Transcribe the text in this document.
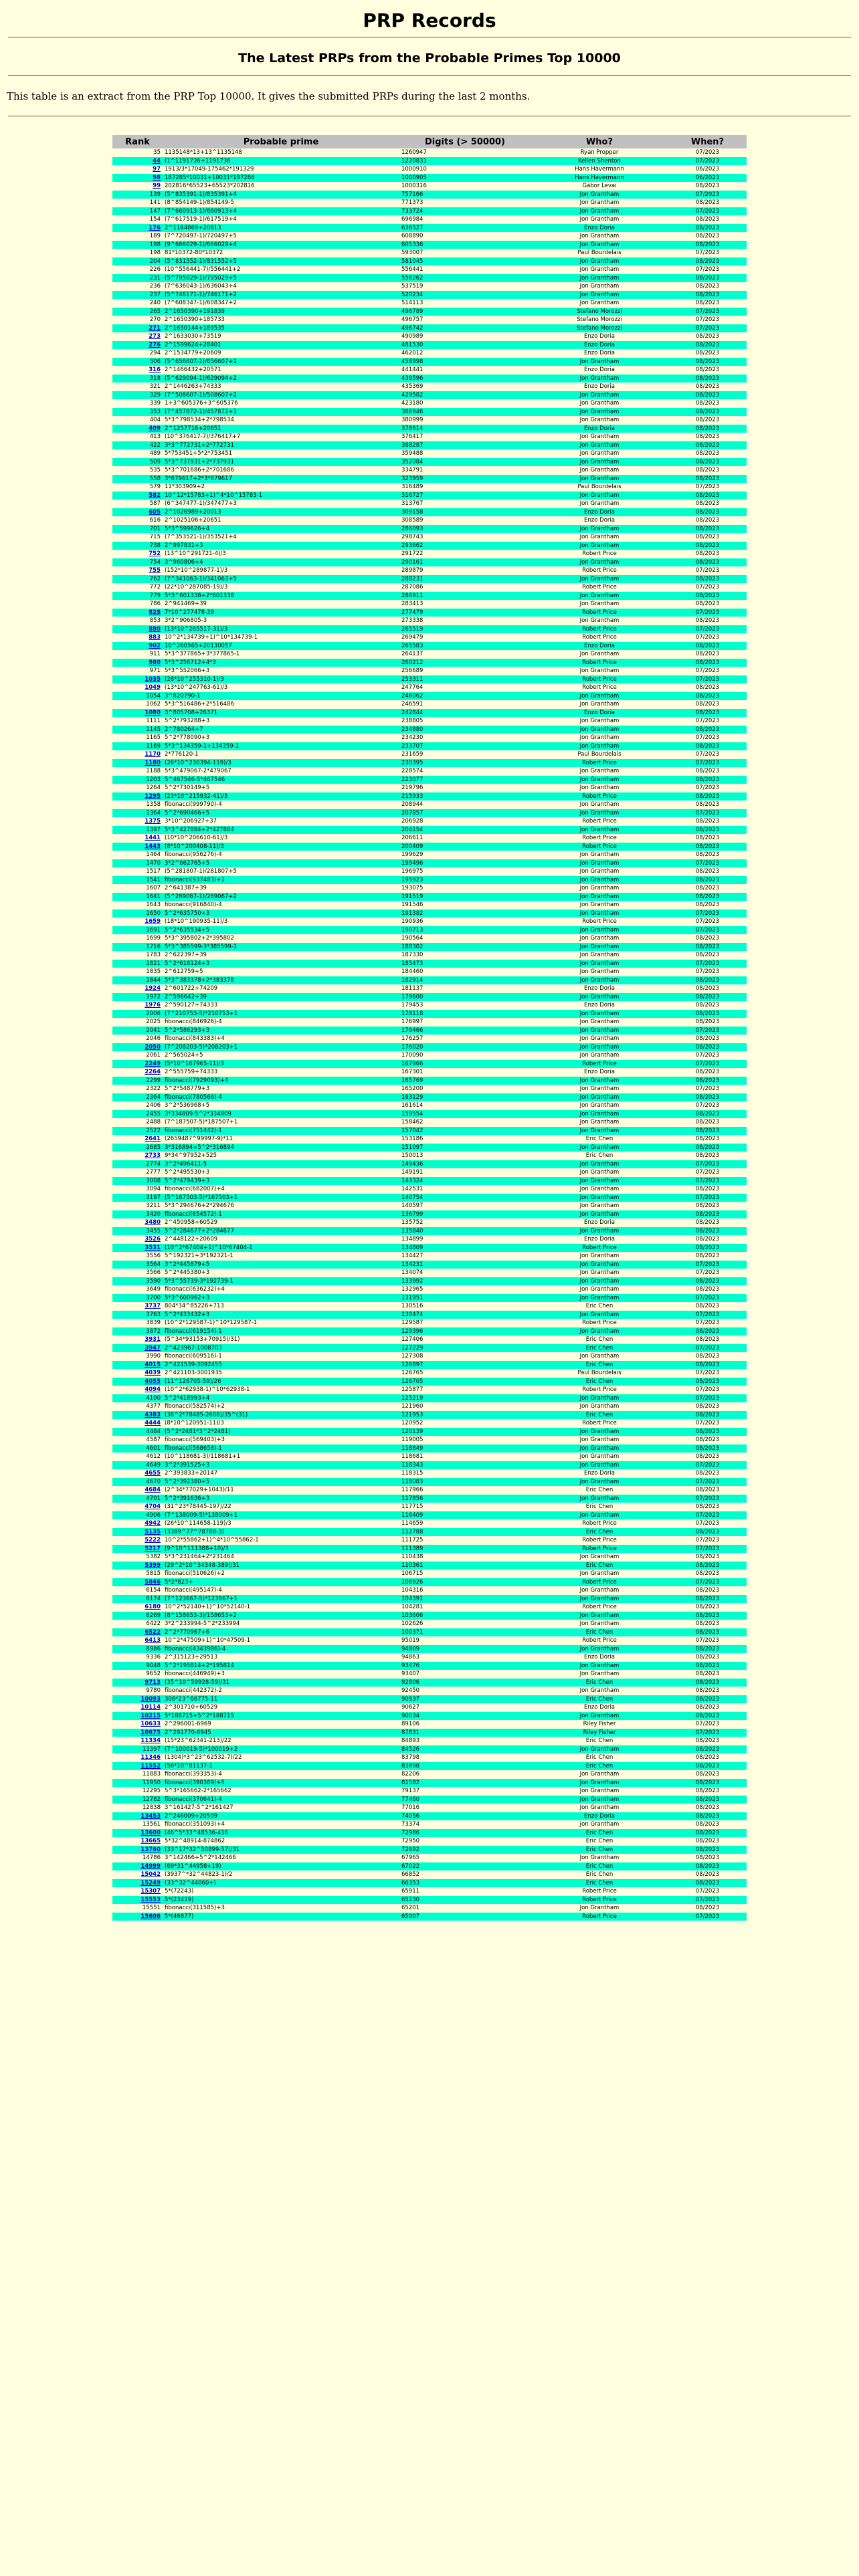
PRP Records
The Latest PRPs from the Probable Primes Top 10000
This table is an extract from the PRP Top 10000. It gives the submitted PRPs during the last 2 months.
Rank	Probable prime	Digits (> 50000)	Who?	When?
35	1135148*13+13^1135148	1260947	Ryan Propper	07/2023
44	(1^1191736+1191736	1220831	Kellen Shenton	07/2023
97	1913/3*17049-175462*191329	1000910	Hans Havermann	06/2023
98	187285*10031+10031*187286	1000905	Hans Havermann	06/2023
99	202816*65523+65523*202816	1000316	Gábor Levai	08/2023
139	(5^835391-1)/835391+4	757166	Jon Grantham	07/2023
141	(8^854149-1)/854149-5	771373	Jon Grantham	08/2023
147	(7^660913-1)/660913+4	733724	Jon Grantham	07/2023
154	(7^617519-1)/617519+4	696984	Jon Grantham	08/2023
176	2^1164869+20813	636527	Enzo Doria	08/2023
189	(7^720497-1)/720497+5	608890	Jon Grantham	08/2023
198	(9^666029-1)/666029+4	605336	Jon Grantham	08/2023
198	81*10372-80*10372	593007	Paul Bourdelais	07/2023
204	(5^831552-1)/831552+5	581045	Jon Grantham	08/2023
226	(10^556441-7)/556441+2	556441	Jon Grantham	07/2023
231	(5^795029-1)/795029+5	556262	Jon Grantham	08/2023
236	(7^636043-1)/636043+4	537519	Jon Grantham	08/2023
237	(5^746171-1)/746171+2	520234	Jon Grantham	08/2023
240	(7^608347-1)/608347+2	514113	Jon Grantham	08/2023
265	2^1650390+191839	496789	Stefano Morozzi	07/2023
270	2^1650390+185733	496757	Stefano Morozzi	07/2023
271	2^1650144+189535	496742	Stefano Morozzi	07/2023
273	2^1633030+73519	490989	Enzo Doria	08/2023
276	2^1599624+28401	481530	Enzo Doria	08/2023
294	2^1534779+20609	462012	Enzo Doria	08/2023
306	(5^656607-1)/656607+1	458998	Jon Grantham	08/2023
316	2^1466432+20571	441441	Enzo Doria	08/2023
318	(5^629094-1)/629094+2	439596	Jon Grantham	08/2023
321	2^1446263+74333	435369	Enzo Doria	08/2023
329	(7^508607-1)/508607+2	429582	Jon Grantham	08/2023
339	1+3^605376+3^605376	423180	Jon Grantham	08/2023
353	(7^457872-1)/457872+1	386946	Jon Grantham	08/2023
404	5*3^798534+2*798534	380999	Jon Grantham	08/2023
409	2^1257716+20651	378614	Enzo Doria	08/2023
413	(10^376417-7)/376417+7	376417	Jon Grantham	08/2023
422	3*3^772731+2*772731	368287	Jon Grantham	08/2023
489	5*753451+5*2*753451	359488	Jon Grantham	08/2023
509	5*3^737931+2*737931	352084	Jon Grantham	08/2023
535	5*3^701686+2*701686	334791	Jon Grantham	08/2023
558	3*679617+2*3*679617	323959	Jon Grantham	08/2023
579	11*303909+2	316489	Paul Bourdelais	07/2023
582	10^12*15783+1)^4*10^15783-1	316727	Jon Grantham	08/2023
587	(6^347477-1)/347477+3	313767	Jon Grantham	08/2023
605	2^1026989+20013	309158	Enzo Doria	08/2023
616	2^1025106+20651	308589	Enzo Doria	08/2023
701	5*3^599626+4	286093	Jon Grantham	08/2023
715	(7^353521-1)/353521+4	298743	Jon Grantham	08/2023
738	2^997831+3	293662	Jon Grantham	08/2023
752	(13^10^291721-4)/3	291722	Robert Price	08/2023
754	3^960806+4	290161	Jon Grantham	08/2023
755	(152*10^289877-1)/3	289879	Robert Price	07/2023
762	(7^341063-1)/341063+5	288231	Jon Grantham	08/2023
772	(22*10^287085-19)/3	287086	Robert Price	07/2023
779	5*3^601338+2*601338	286911	Jon Grantham	08/2023
786	2^941469+39	283413	Jon Grantham	08/2023
828	7*10^277478-39	277479	Robert Price	07/2023
853	3*2^906805-3	273338	Jon Grantham	08/2023
880	(13*10^265517-31)/3	265519	Robert Price	07/2023
883	10^2*134739+1)^10*134739-1	269479	Robert Price	07/2023
902	10^260565+20130057	265583	Enzo Doria	08/2023
911	5*3^377865+3*377865-1	264137	Jon Grantham	08/2023
960	5*3^256712+4*3	260212	Robert Price	08/2023
971	5*3^552066+3	256689	Jon Grantham	07/2023
1035	(28*10^255310-1)/3	253311	Robert Price	07/2023
1049	(13*10^247763-61)/3	247764	Robert Price	08/2023
1054	3^820790-1	246062	Jon Grantham	08/2023
1062	5*3^516486+2*516486	246591	Jon Grantham	08/2023
1080	3^805708+26371	242844	Enzo Doria	08/2023
1111	5^2*793288+3	238805	Jon Grantham	07/2023
1145	2^780264+7	234880	Jon Grantham	08/2023
1165	5^2*778090+3	234230	Jon Grantham	07/2023
1169	5*3^134359-1+134359-1	233707	Jon Grantham	08/2023
1170	2*776120-1	231659	Paul Bourdelais	07/2023
1180	(26*10^230394-119)/3	230395	Robert Price	07/2023
1188	5*3^479067-2*479067	228574	Jon Grantham	08/2023
1203	5^467546-5*467546	223077	Jon Grantham	08/2023
1264	5^2*730149+5	219796	Jon Grantham	07/2023
1295	(23*10^215932-41)/3	215933	Robert Price	08/2023
1358	fibonacci(999790)-4	208944	Jon Grantham	08/2023
1364	5^2*690466+5	207857	Jon Grantham	07/2023
1375	3*10^206927+37	206928	Robert Price	08/2023
1397	5*3^427884+2*427884	204154	Jon Grantham	08/2023
1441	(10*10^206610-61)/3	206611	Robert Price	08/2023
1443	(8*10^200408-11)/3	200409	Robert Price	08/2023
1464	fibonacci(956276)-4	199629	Jon Grantham	08/2023
1470	3*2^662765+5	199496	Jon Grantham	07/2023
1517	(5^281807-1)/281807+5	196975	Jon Grantham	08/2023
1541	fibonacci(937483)+1	195923	Jon Grantham	08/2023
1607	2^641387+39	193075	Jon Grantham	08/2023
1641	(5^269067-1)/269067+2	191519	Jon Grantham	08/2023
1643	fibonacci(916840)-4	191546	Jon Grantham	08/2023
1650	5^2*635750+3	191382	Jon Grantham	07/2023
1659	(18*10^190935-11)/3	190936	Robert Price	07/2023
1691	5^2*635534+5	190713	Jon Grantham	07/2023
1699	5*3^395802+2*395802	190564	Jon Grantham	08/2023
1716	5*3^385599-3*385599-1	188302	Jon Grantham	08/2023
1783	2^622397+39	187330	Jon Grantham	08/2023
1821	5^2*616124+3	185473	Jon Grantham	07/2023
1835	2^612759+5	184460	Jon Grantham	07/2023
1844	5*3^383378+2*383378	182914	Jon Grantham	08/2023
1924	2^601722+74209	181137	Enzo Doria	08/2023
1972	2^596642+39	179600	Jon Grantham	08/2023
1976	2^590127+74333	179453	Enzo Doria	08/2023
2006	(7^210753-5)*210753+1	178118	Jon Grantham	08/2023
2025	fibonacci(846926)-4	176997	Jon Grantham	08/2023
2041	5^2*586293+3	176466	Jon Grantham	07/2023
2046	fibonacci(843383)+4	176257	Jon Grantham	08/2023
2050	(7^208203-5)*208203+1	176020	Jon Grantham	08/2023
2061	2^565024+5	170090	Jon Grantham	07/2023
2249	(5*10^167965-11)/3	167966	Robert Price	07/2023
2264	2^555759+74333	167301	Enzo Doria	08/2023
2299	fibonacci(7929093)+4	165769	Jon Grantham	08/2023
2322	5^2*548779+3	165200	Jon Grantham	07/2023
2364	fibonacci(780566)-4	163129	Jon Grantham	08/2023
2406	3^2*536968+5	161614	Jon Grantham	07/2023
2455	3*334809-5^2*334809	159554	Jon Grantham	08/2023
2488	(7^187507-5)*187507+1	158462	Jon Grantham	08/2023
2522	fibonacci(751442)-1	157042	Jon Grantham	08/2023
2641	(2659487^99997-9)*11	153186	Eric Chen	08/2023
2685	3*316894+5^2*316894	151097	Jon Grantham	08/2023
2733	9*34^97952+525	150013	Eric Chen	08/2023
2774	3^2*496411-5	149436	Jon Grantham	07/2023
2777	5^2*495530+3	149191	Jon Grantham	07/2023
3008	5^2*479439+3	144324	Jon Grantham	07/2023
3094	fibonacci(682007)+4	142531	Jon Grantham	08/2023
3197	(5^167503-5)*167503+1	140754	Jon Grantham	07/2023
3211	5*3^294676+2*294676	140597	Jon Grantham	08/2023
3420	fibonacci(654572)-1	136799	Jon Grantham	08/2023
3480	2^450958+60529	135752	Enzo Doria	08/2023
3455	5^2*284677+2*284677	135840	Jon Grantham	08/2023
3526	2^448122+20609	134899	Enzo Doria	08/2023
3531	(10^2*67404+1)^10*67404-1	134809	Robert Price	08/2023
3556	5^192321+3*192321-1	134427	Jon Grantham	08/2023
3564	3^2*445879+5	134231	Jon Grantham	07/2023
3566	5^2*445380+3	134074	Jon Grantham	07/2023
3590	5*3^55739-3*192739-1	133992	Jon Grantham	08/2023
3649	fibonacci(636232)+4	132965	Jon Grantham	08/2023
3700	5*3^600962+3	131951	Jon Grantham	07/2023
3737	804*34^85226+713	130516	Eric Chen	08/2023
3763	5^2*433432+3	130474	Jon Grantham	07/2023
3839	(10^2*129587-1)^10*129587-1	129587	Robert Price	07/2023
3872	fibonacci(619154)-1	129396	Jon Grantham	08/2023
3931	(5^34*93153+70915)/31)	127406	Eric Chen	08/2023
3947	2^423967-1008703	127229	Eric Chen	07/2023
3990	fibonacci(609516)-1	127308	Jon Grantham	08/2023
4015	2^421539-3092455	126897	Eric Chen	08/2023
4039	2^421103-3001935	126765	Paul Bourdelais	07/2023
4055	(11^126705-59)/26	126705	Eric Chen	08/2023
4094	(10^2*62938-1)^10*62938-1	125877	Robert Price	07/2023
4100	5^2*418993+4	125219	Jon Grantham	07/2023
4377	fibonacci(582574)+2	121960	Jon Grantham	08/2023
4383	(36^2*78485-2606)/35^(31)	121953	Eric Chen	08/2023
4444	(8*10^120951-11)/3	120952	Robert Price	07/2023
4484	(5^2*2481*3^2*2481)	120139	Jon Grantham	08/2023
4587	fibonacci(569403)+3	119005	Jon Grantham	08/2023
4601	fibonacci(568658)-1	118849	Jon Grantham	08/2023
4612	(10^118681-3)/118681+1	118681	Jon Grantham	08/2023
4649	3^2*391525+3	118343	Jon Grantham	07/2023
4655	2^393833+20147	118315	Enzo Doria	08/2023
4670	5^2*392380+5	118083	Jon Grantham	07/2023
4684	(2^34*77029+1043)/11	117966	Eric Chen	08/2023
4701	5^2*391636+3	117856	Jon Grantham	07/2023
4704	(31^23*78445-197)/22	117715	Eric Chen	08/2023
4906	(7^138009-5)*138009+1	116409	Jon Grantham	07/2023
4942	(26*10^114658-119)/3	114659	Robert Price	07/2023
5135	(3389^77^78788-3)	112788	Eric Chen	08/2023
5222	10^2*55862+1)^4*10^55862-1	111725	Robert Price	07/2023
5217	(9^10^111388+10)/3	111389	Robert Price	07/2023
5382	5*3^231464+2*231464	110438	Jon Grantham	08/2023
5399	(29^2*10^34348-389)/31	110361	Eric Chen	08/2023
5815	fibonacci(510626)+2	106715	Jon Grantham	08/2023
5846	5*2*823+	106926	Robert Price	07/2023
6154	fibonacci(495147)-4	104316	Jon Grantham	08/2023
6174	(7^123667-5)*123667+1	104391	Jon Grantham	08/2023
6180	10^2*52140+1)^10*52140-1	104281	Robert Price	08/2023
6269	(8^158653-3)/158653+2	103606	Jon Grantham	08/2023
6422	3*2^233994-5^2*233994	102626	Jon Grantham	08/2023
6522	2^2*770967+6	100371	Eric Chen	08/2023
6413	10^2*47509+1)^10*47509-1	95019	Robert Price	07/2023
8986	fibonacci(4343986)-4	94809	Jon Grantham	08/2023
9336	2^315123+29513	94863	Enzo Doria	08/2023
9048	5^2*195814+2*195814	93476	Jon Grantham	08/2023
9652	fibonacci(446949)+3	93407	Jon Grantham	08/2023
9713	(35^10^59928-59)/31	92806	Eric Chen	08/2023
9780	fibonacci(442372)-2	92450	Jon Grantham	08/2023
10093	306*23^66775-11	90937	Eric Chen	08/2023
10114	2^301710+60529	90627	Enzo Doria	08/2023
10215	5*188715+5^2*188715	90034	Jon Grantham	08/2023
10633	2^296001-6969	89106	Riley Fisher	07/2023
10675	2^291770-6945	87831	Riley Fisher	07/2023
11334	(15*23^62341-213)/22	84893	Eric Chen	08/2023
11397	(7^100019-5)*100019+2	84526	Jon Grantham	08/2023
11346	(1304)*3^23^62532-7)/22	83798	Eric Chen	08/2023
11552	(56*10^81137-1	83698	Eric Chen	08/2023
11883	fibonacci(393353)-4	82206	Jon Grantham	08/2023
11950	fibonacci(390369)+5	81582	Jon Grantham	08/2023
12295	5^3*165662-2*165662	79137	Jon Grantham	08/2023
12782	fibonacci(370641)-4	77460	Jon Grantham	08/2023
12838	3^161427-5^2*161427	77016	Jon Grantham	08/2023
13453	2^246009+20509	74056	Enzo Doria	08/2023
13561	fibonacci(351093)+4	73374	Jon Grantham	08/2023
13600	(46^5*33^48536-416	72986	Eric Chen	08/2023
13665	5*32^48914-874862	72950	Eric Chen	08/2023
13760	(33^17*32^50899-57)/31	72692	Eric Chen	08/2023
14786	3^142466+5^2*142466	67965	Jon Grantham	08/2023
14999	(69*31^44958+19)	67022	Eric Chen	08/2023
15042	(3937^*32^44823-1)/2	66852	Eric Chen	08/2023
15249	(33^32^44060+)	66353	Eric Chen	08/2023
15307	5*(72243)	65911	Robert Price	07/2023
15553	5*(23419)	65230	Robert Price	07/2023
15551	fibonacci(311585)+3	65201	Jon Grantham	08/2023
15606	5*(46877)	65007	Robert Price	07/2023
